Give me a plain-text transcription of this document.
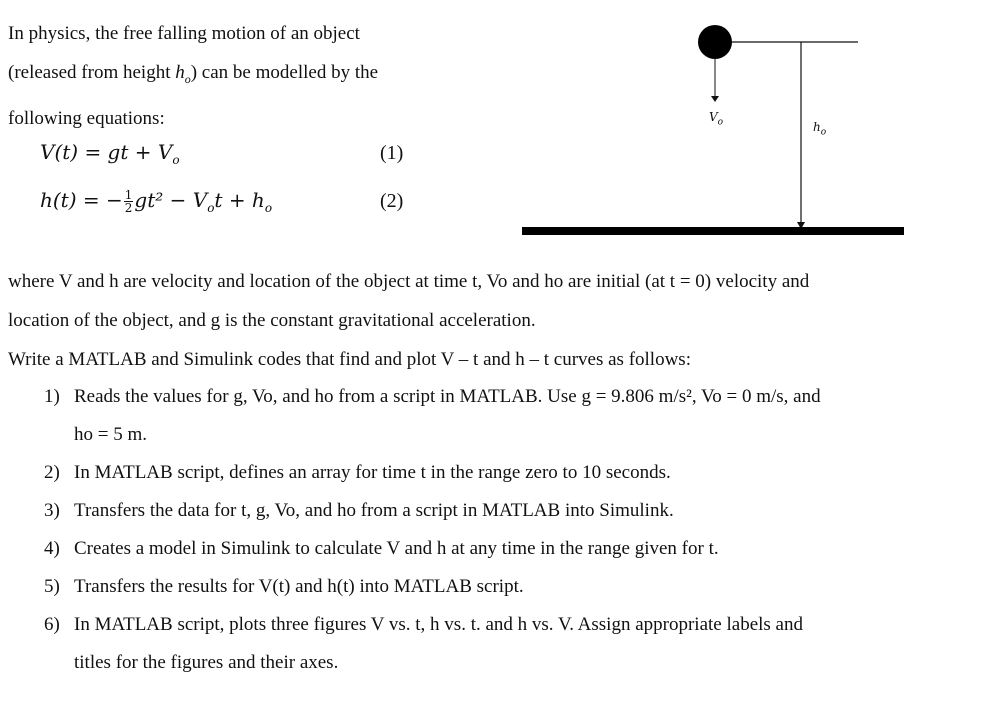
In physics, the free falling motion of an object
(released from height $h_o$) can be modelled by the
following equations:
V(t) = gt + $V_o$	(1)
h(t) = − $\frac{1}{2} gt^2 - V_ot + h_o$	(2)
$V_o$	$h_o$
where V and h are velocity and location of the object at time t, Vo and ho are initial (at t = 0) velocity and
location of the object, and g is the constant gravitational acceleration.
Write a MATLAB and Simulink codes that find and plot V – t and h – t curves as follows:
1) Reads the values for g, Vo, and ho from a script in MATLAB. Use g = 9.806 m/s², Vo = 0 m/s, and
ho = 5 m.
2) In MATLAB script, defines an array for time t in the range zero to 10 seconds.
3) Transfers the data for t, g, Vo, and ho from a script in MATLAB into Simulink.
4) Creates a model in Simulink to calculate V and h at any time in the range given for t.
5) Transfers the results for V(t) and h(t) into MATLAB script.
6) In MATLAB script, plots three figures V vs. t, h vs. t. and h vs. V. Assign appropriate labels and
titles for the figures and their axes.
